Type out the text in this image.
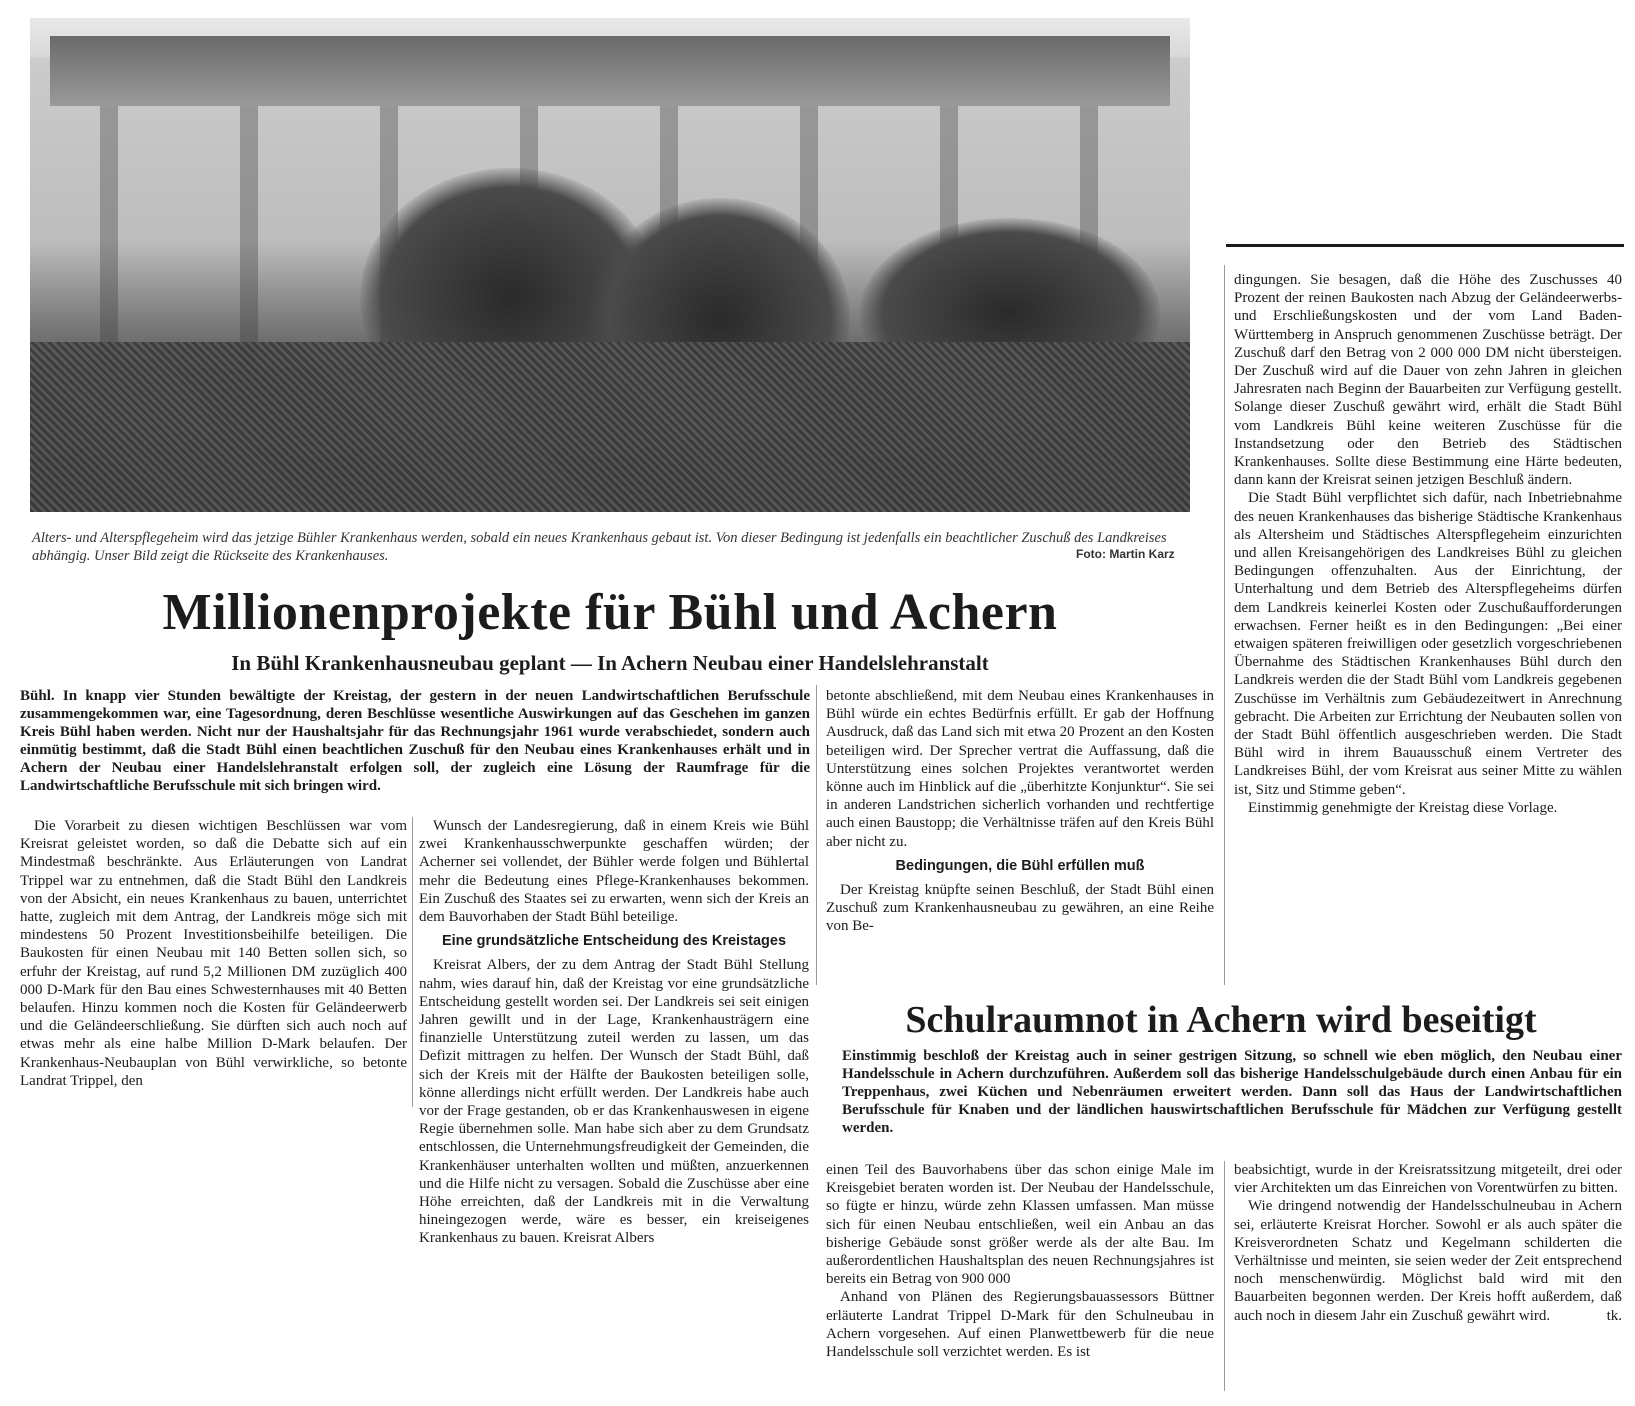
Alters- und Alterspflegeheim wird das jetzige Bühler Krankenhaus werden, sobald ein neues Krankenhaus gebaut ist. Von dieser Bedingung ist jedenfalls ein beachtlicher Zuschuß des Landkreises abhängig. Unser Bild zeigt die Rückseite des Krankenhauses.	Foto: Martin Karz
Millionenprojekte für Bühl und Achern
In Bühl Krankenhausneubau geplant — In Achern Neubau einer Handelslehranstalt
Bühl. In knapp vier Stunden bewältigte der Kreistag, der gestern in der neuen Landwirtschaftlichen Berufsschule zusammengekommen war, eine Tagesordnung, deren Beschlüsse wesentliche Auswirkungen auf das Geschehen im ganzen Kreis Bühl haben werden. Nicht nur der Haushaltsjahr für das Rechnungsjahr 1961 wurde verabschiedet, sondern auch einmütig bestimmt, daß die Stadt Bühl einen beachtlichen Zuschuß für den Neubau eines Krankenhauses erhält und in Achern der Neubau einer Handelslehranstalt erfolgen soll, der zugleich eine Lösung der Raumfrage für die Landwirtschaftliche Berufsschule mit sich bringen wird.

Die Vorarbeit zu diesen wichtigen Beschlüssen war vom Kreisrat geleistet worden, so daß die Debatte sich auf ein Mindestmaß beschränkte. Aus Erläuterungen von Landrat Trippel war zu entnehmen, daß die Stadt Bühl den Landkreis von der Absicht, ein neues Krankenhaus zu bauen, unterrichtet hatte, zugleich mit dem Antrag, der Landkreis möge sich mit mindestens 50 Prozent Investitionsbeihilfe beteiligen. Die Baukosten für einen Neubau mit 140 Betten sollen sich, so erfuhr der Kreistag, auf rund 5,2 Millionen DM zuzüglich 400 000 D-Mark für den Bau eines Schwesternhauses mit 40 Betten belaufen. Hinzu kommen noch die Kosten für Geländeerwerb und die Geländeerschließung. Sie dürften sich auch noch auf etwas mehr als eine halbe Million D-Mark belaufen. Der Krankenhaus-Neubauplan von Bühl verwirkliche, so betonte Landrat Trippel, den

Wunsch der Landesregierung, daß in einem Kreis wie Bühl zwei Krankenhausschwerpunkte geschaffen würden; der Acherner sei vollendet, der Bühler werde folgen und Bühlertal mehr die Bedeutung eines Pflege-Krankenhauses bekommen. Ein Zuschuß des Staates sei zu erwarten, wenn sich der Kreis an dem Bauvorhaben der Stadt Bühl beteilige.

Eine grundsätzliche Entscheidung des Kreistages

Kreisrat Albers, der zu dem Antrag der Stadt Bühl Stellung nahm, wies darauf hin, daß der Kreistag vor eine grundsätzliche Entscheidung gestellt worden sei. Der Landkreis sei seit einigen Jahren gewillt und in der Lage, Krankenhausträgern eine finanzielle Unterstützung zuteil werden zu lassen, um das Defizit mittragen zu helfen. Der Wunsch der Stadt Bühl, daß sich der Kreis mit der Hälfte der Baukosten beteiligen solle, könne allerdings nicht erfüllt werden. Der Landkreis habe auch vor der Frage gestanden, ob er das Krankenhauswesen in eigene Regie übernehmen solle. Man habe sich aber zu dem Grundsatz entschlossen, die Unternehmungsfreudigkeit der Gemeinden, die Krankenhäuser unterhalten wollten und müßten, anzuerkennen und die Hilfe nicht zu versagen. Sobald die Zuschüsse aber eine Höhe erreichten, daß der Landkreis mit in die Verwaltung hineingezogen werde, wäre es besser, ein kreiseigenes Krankenhaus zu bauen. Kreisrat Albers

betonte abschließend, mit dem Neubau eines Krankenhauses in Bühl würde ein echtes Bedürfnis erfüllt. Er gab der Hoffnung Ausdruck, daß das Land sich mit etwa 20 Prozent an den Kosten beteiligen wird. Der Sprecher vertrat die Auffassung, daß die Unterstützung eines solchen Projektes verantwortet werden könne auch im Hinblick auf die „überhitzte Konjunktur“. Sie sei in anderen Landstrichen sicherlich vorhanden und rechtfertige auch einen Baustopp; die Verhältnisse träfen auf den Kreis Bühl aber nicht zu.

Bedingungen, die Bühl erfüllen muß

Der Kreistag knüpfte seinen Beschluß, der Stadt Bühl einen Zuschuß zum Krankenhausneubau zu gewähren, an eine Reihe von Be-

dingungen. Sie besagen, daß die Höhe des Zuschusses 40 Prozent der reinen Baukosten nach Abzug der Geländeerwerbs- und Erschließungskosten und der vom Land Baden-Württemberg in Anspruch genommenen Zuschüsse beträgt. Der Zuschuß darf den Betrag von 2 000 000 DM nicht übersteigen. Der Zuschuß wird auf die Dauer von zehn Jahren in gleichen Jahresraten nach Beginn der Bauarbeiten zur Verfügung gestellt. Solange dieser Zuschuß gewährt wird, erhält die Stadt Bühl vom Landkreis Bühl keine weiteren Zuschüsse für die Instandsetzung oder den Betrieb des Städtischen Krankenhauses. Sollte diese Bestimmung eine Härte bedeuten, dann kann der Kreisrat seinen jetzigen Beschluß ändern.

Die Stadt Bühl verpflichtet sich dafür, nach Inbetriebnahme des neuen Krankenhauses das bisherige Städtische Krankenhaus als Altersheim und Städtisches Alterspflegeheim einzurichten und allen Kreisangehörigen des Landkreises Bühl zu gleichen Bedingungen offenzuhalten. Aus der Einrichtung, der Unterhaltung und dem Betrieb des Alterspflegeheims dürfen dem Landkreis keinerlei Kosten oder Zuschußaufforderungen erwachsen. Ferner heißt es in den Bedingungen: „Bei einer etwaigen späteren freiwilligen oder gesetzlich vorgeschriebenen Übernahme des Städtischen Krankenhauses Bühl durch den Landkreis werden die der Stadt Bühl vom Landkreis gegebenen Zuschüsse im Verhältnis zum Gebäudezeitwert in Anrechnung gebracht. Die Arbeiten zur Errichtung der Neubauten sollen von der Stadt Bühl öffentlich ausgeschrieben werden. Die Stadt Bühl wird in ihrem Bauausschuß einem Vertreter des Landkreises Bühl, der vom Kreisrat aus seiner Mitte zu wählen ist, Sitz und Stimme geben“.

Einstimmig genehmigte der Kreistag diese Vorlage.

Schulraumnot in Achern wird beseitigt
Einstimmig beschloß der Kreistag auch in seiner gestrigen Sitzung, so schnell wie eben möglich, den Neubau einer Handelsschule in Achern durchzuführen. Außerdem soll das bisherige Handelsschulgebäude durch einen Anbau für ein Treppenhaus, zwei Küchen und Nebenräumen erweitert werden. Dann soll das Haus der Landwirtschaftlichen Berufsschule für Knaben und der ländlichen hauswirtschaftlichen Berufsschule für Mädchen zur Verfügung gestellt werden.

einen Teil des Bauvorhabens über das schon einige Male im Kreisgebiet beraten worden ist. Der Neubau der Handelsschule, so fügte er hinzu, würde zehn Klassen umfassen. Man müsse sich für einen Neubau entschließen, weil ein Anbau an das bisherige Gebäude sonst größer werde als der alte Bau. Im außerordentlichen Haushaltsplan des neuen Rechnungsjahres ist bereits ein Betrag von 900 000

Anhand von Plänen des Regierungsbauassessors Büttner erläuterte Landrat Trippel D-Mark für den Schulneubau in Achern vorgesehen. Auf einen Planwettbewerb für die neue Handelsschule soll verzichtet werden. Es ist

beabsichtigt, wurde in der Kreisratssitzung mitgeteilt, drei oder vier Architekten um das Einreichen von Vorentwürfen zu bitten.

Wie dringend notwendig der Handelsschulneubau in Achern sei, erläuterte Kreisrat Horcher. Sowohl er als auch später die Kreisverordneten Schatz und Kegelmann schilderten die Verhältnisse und meinten, sie seien weder der Zeit entsprechend noch menschenwürdig. Möglichst bald wird mit den Bauarbeiten begonnen werden. Der Kreis hofft außerdem, daß auch noch in diesem Jahr ein Zuschuß gewährt wird.	tk.
